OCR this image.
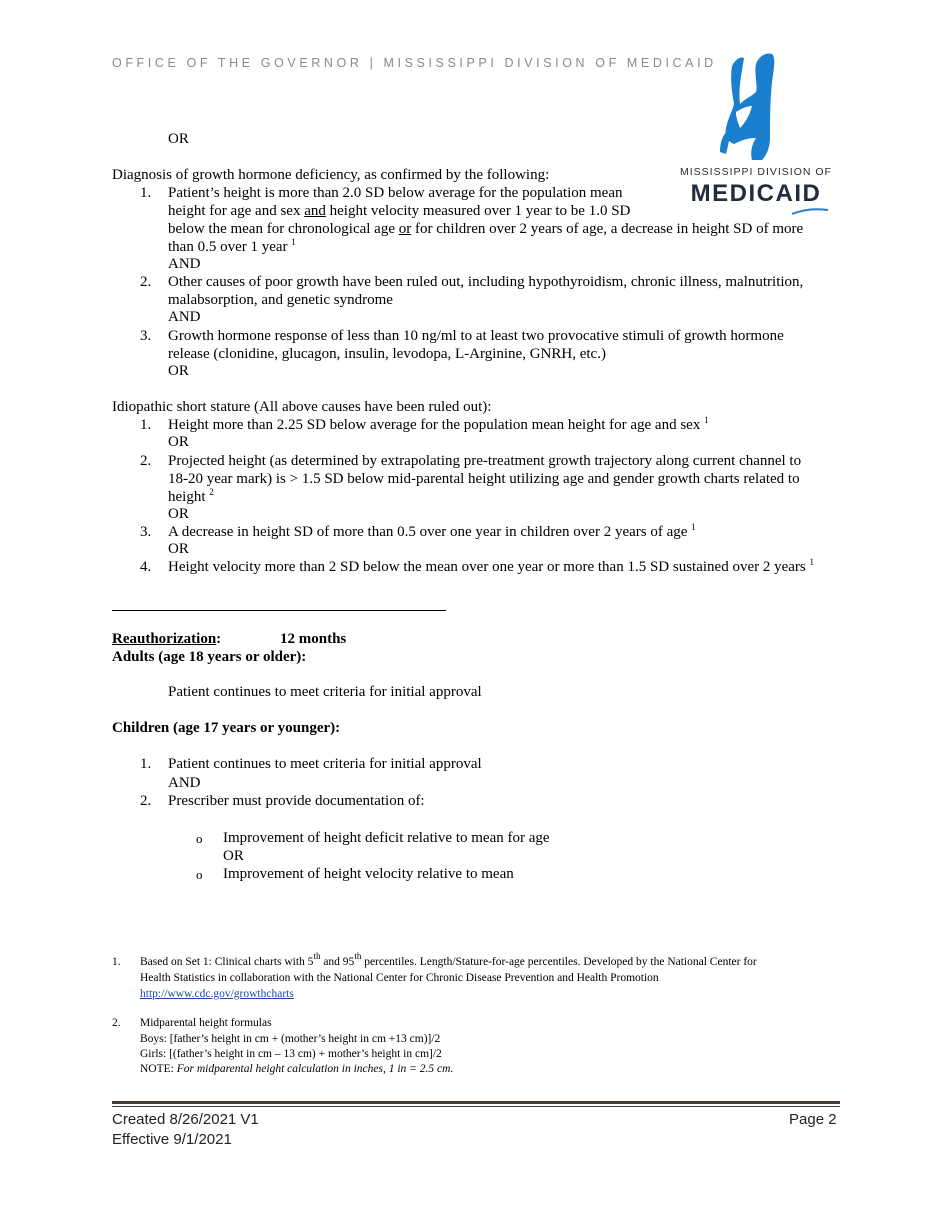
OFFICE OF THE GOVERNOR | MISSISSIPPI DIVISION OF MEDICAID
MISSISSIPPI DIVISION OF
MEDICAID
OR
Diagnosis of growth hormone deficiency, as confirmed by the following:
1.	Patient’s height is more than 2.0 SD below average for the population mean
height for age and sex and height velocity measured over 1 year to be 1.0 SD
below the mean for chronological age or for children over 2 years of age, a decrease in height SD of more
than 0.5 over 1 year $^1$
AND
2.	Other causes of poor growth have been ruled out, including hypothyroidism, chronic illness, malnutrition,
malabsorption, and genetic syndrome
AND
3.	Growth hormone response of less than 10 ng/ml to at least two provocative stimuli of growth hormone
release (clonidine, glucagon, insulin, levodopa, L-Arginine, GNRH, etc.)
OR
Idiopathic short stature (All above causes have been ruled out):
1.	Height more than 2.25 SD below average for the population mean height for age and sex $^1$
OR
2.	Projected height (as determined by extrapolating pre-treatment growth trajectory along current channel to
18-20 year mark) is > 1.5 SD below mid-parental height utilizing age and gender growth charts related to
height $^2$
OR
3.	A decrease in height SD of more than 0.5 over one year in children over 2 years of age $^1$
OR
4.	Height velocity more than 2 SD below the mean over one year or more than 1.5 SD sustained over 2 years $^1$
Reauthorization:	12 months
Adults (age 18 years or older):
Patient continues to meet criteria for initial approval
Children (age 17 years or younger):
1.	Patient continues to meet criteria for initial approval
AND
2.	Prescriber must provide documentation of:
o Improvement of height deficit relative to mean for age
OR
o Improvement of height velocity relative to mean
1. Based on Set 1: Clinical charts with 5th and 95th percentiles. Length/Stature-for-age percentiles. Developed by the National Center for
Health Statistics in collaboration with the National Center for Chronic Disease Prevention and Health Promotion
http://www.cdc.gov/growthcharts
2. Midparental height formulas
Boys: [father’s height in cm + (mother’s height in cm +13 cm)]/2
Girls: [(father’s height in cm – 13 cm) + mother’s height in cm]/2
NOTE: For midparental height calculation in inches, 1 in = 2.5 cm.
Created 8/26/2021 V1
Effective 9/1/2021
Page 2
